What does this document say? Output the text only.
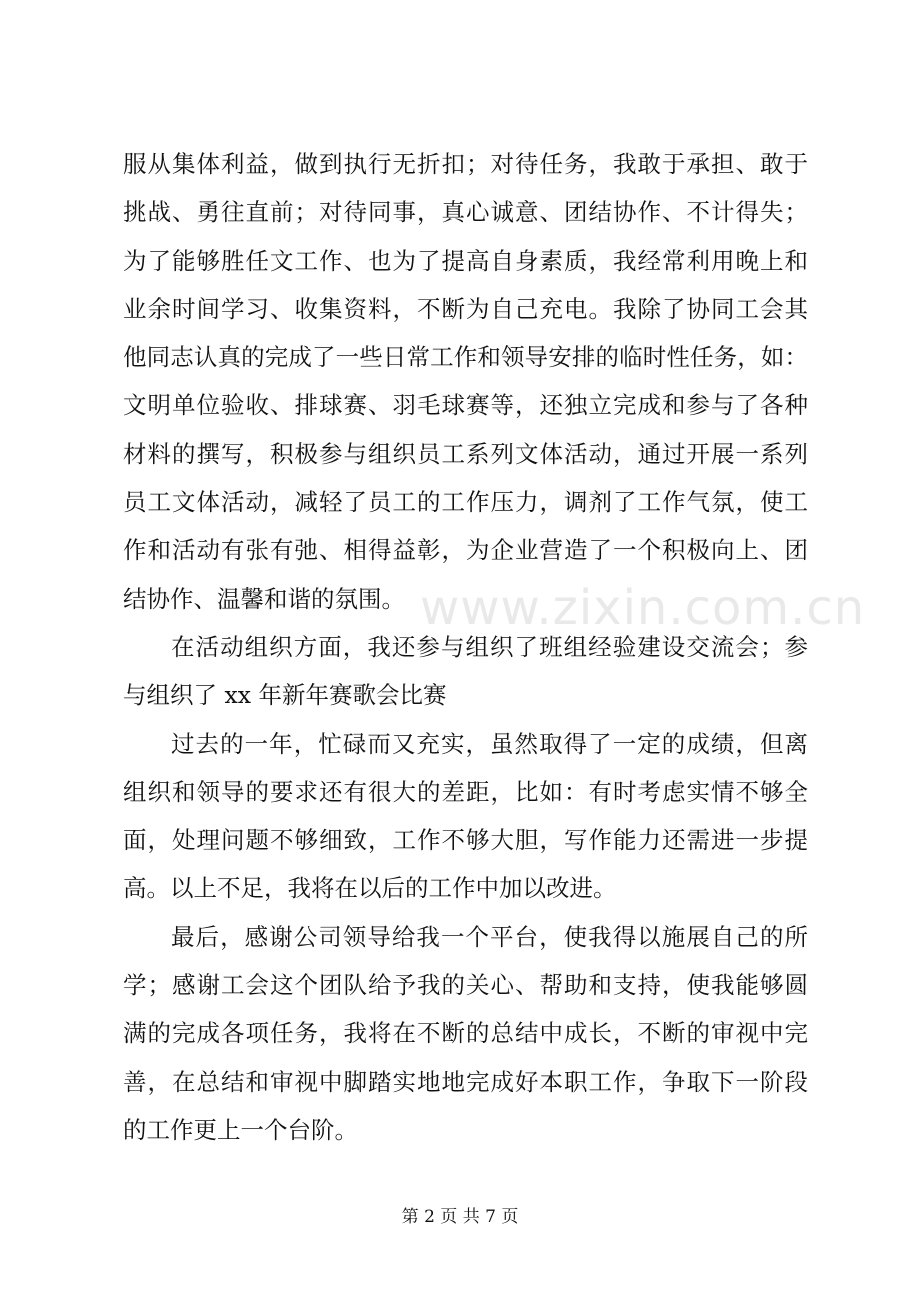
www.zixin.com.cn
服从集体利益，做到执行无折扣；对待任务，我敢于承担、敢于
挑战、勇往直前；对待同事，真心诚意、团结协作、不计得失；
为了能够胜任文工作、也为了提高自身素质，我经常利用晚上和
业余时间学习、收集资料，不断为自己充电。我除了协同工会其
他同志认真的完成了一些日常工作和领导安排的临时性任务，如：
文明单位验收、排球赛、羽毛球赛等，还独立完成和参与了各种
材料的撰写，积极参与组织员工系列文体活动，通过开展一系列
员工文体活动，减轻了员工的工作压力，调剂了工作气氛，使工
作和活动有张有弛、相得益彰，为企业营造了一个积极向上、团
结协作、温馨和谐的氛围。
在活动组织方面，我还参与组织了班组经验建设交流会；参
与组织了 xx 年新年赛歌会比赛
过去的一年，忙碌而又充实，虽然取得了一定的成绩，但离
组织和领导的要求还有很大的差距，比如：有时考虑实情不够全
面，处理问题不够细致，工作不够大胆，写作能力还需进一步提
高。以上不足，我将在以后的工作中加以改进。
最后，感谢公司领导给我一个平台，使我得以施展自己的所
学；感谢工会这个团队给予我的关心、帮助和支持，使我能够圆
满的完成各项任务，我将在不断的总结中成长，不断的审视中完
善，在总结和审视中脚踏实地地完成好本职工作，争取下一阶段
的工作更上一个台阶。
第 2 页 共 7 页
